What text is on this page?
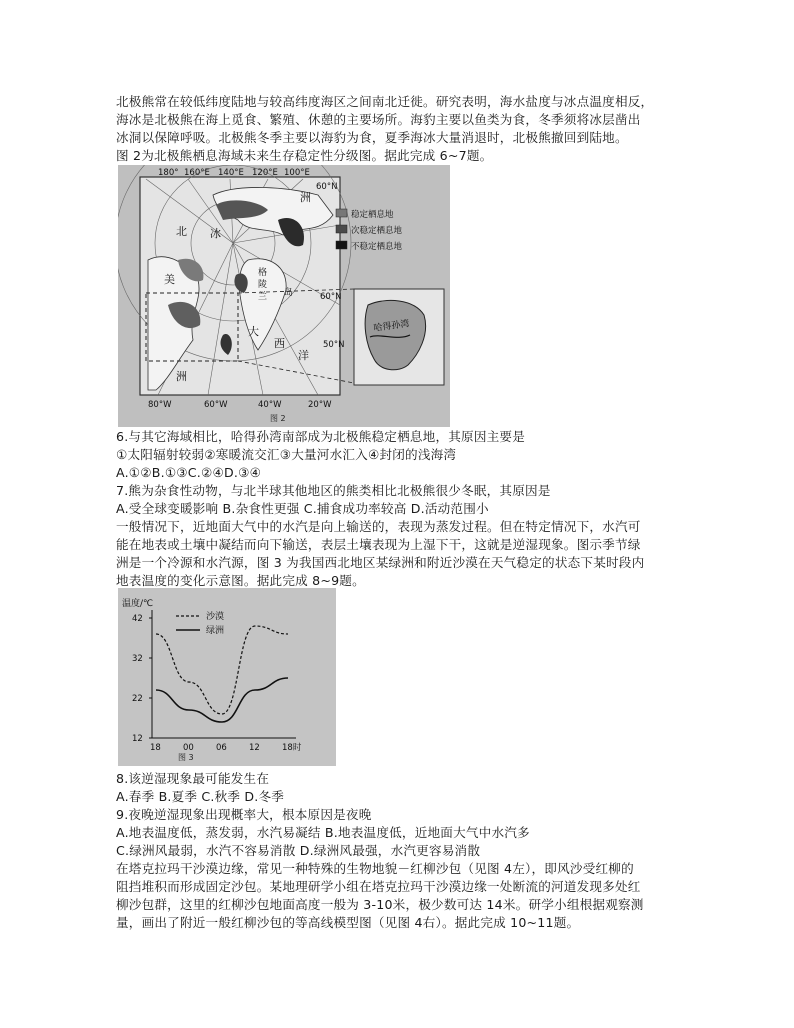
北极熊常在较低纬度陆地与较高纬度海区之间南北迁徙。研究表明，海水盐度与冰点温度相反，
海冰是北极熊在海上觅食、繁殖、休憩的主要场所。海豹主要以鱼类为食，冬季须将冰层凿出
冰洞以保障呼吸。北极熊冬季主要以海豹为食，夏季海冰大量消退时，北极熊撤回到陆地。
图 2为北极熊栖息海域未来生存稳定性分级图。据此完成 6~7题。
180° 160°E 140°E 120°E 100°E
80°W	60°W	40°W	20°W
60°N
60°N
50°N
北 冰
洲
美	格
陵
兰 岛
大
西
洋
洲
稳定栖息地
次稳定栖息地
不稳定栖息地
哈得孙湾
图 2
6.与其它海域相比，哈得孙湾南部成为北极熊稳定栖息地，其原因主要是
①太阳辐射较弱②寒暖流交汇③大量河水汇入④封闭的浅海湾
A.①②B.①③C.②④D.③④
7.熊为杂食性动物，与北半球其他地区的熊类相比北极熊很少冬眠，其原因是
A.受全球变暖影响 B.杂食性更强 C.捕食成功率较高 D.活动范围小
一般情况下，近地面大气中的水汽是向上输送的，表现为蒸发过程。但在特定情况下，水汽可
能在地表或土壤中凝结而向下输送，表层土壤表现为上湿下干，这就是逆湿现象。图示季节绿
洲是一个冷源和水汽源，图 3 为我国西北地区某绿洲和附近沙漠在天气稳定的状态下某时段内
地表温度的变化示意图。据此完成 8~9题。
温度/℃
12
22
32
42
18	00	06	12	18时
沙漠
绿洲
图 3
8.该逆湿现象最可能发生在
A.春季 B.夏季 C.秋季 D.冬季
9.夜晚逆湿现象出现概率大，根本原因是夜晚
A.地表温度低，蒸发弱，水汽易凝结 B.地表温度低，近地面大气中水汽多
C.绿洲风最弱，水汽不容易消散 D.绿洲风最强，水汽更容易消散
在塔克拉玛干沙漠边缘，常见一种特殊的生物地貌－红柳沙包（见图 4左），即风沙受红柳的
阻挡堆积而形成固定沙包。某地理研学小组在塔克拉玛干沙漠边缘一处断流的河道发现多处红
柳沙包群，这里的红柳沙包地面高度一般为 3-10米，极少数可达 14米。研学小组根据观察测
量，画出了附近一般红柳沙包的等高线模型图（见图 4右）。据此完成 10~11题。
